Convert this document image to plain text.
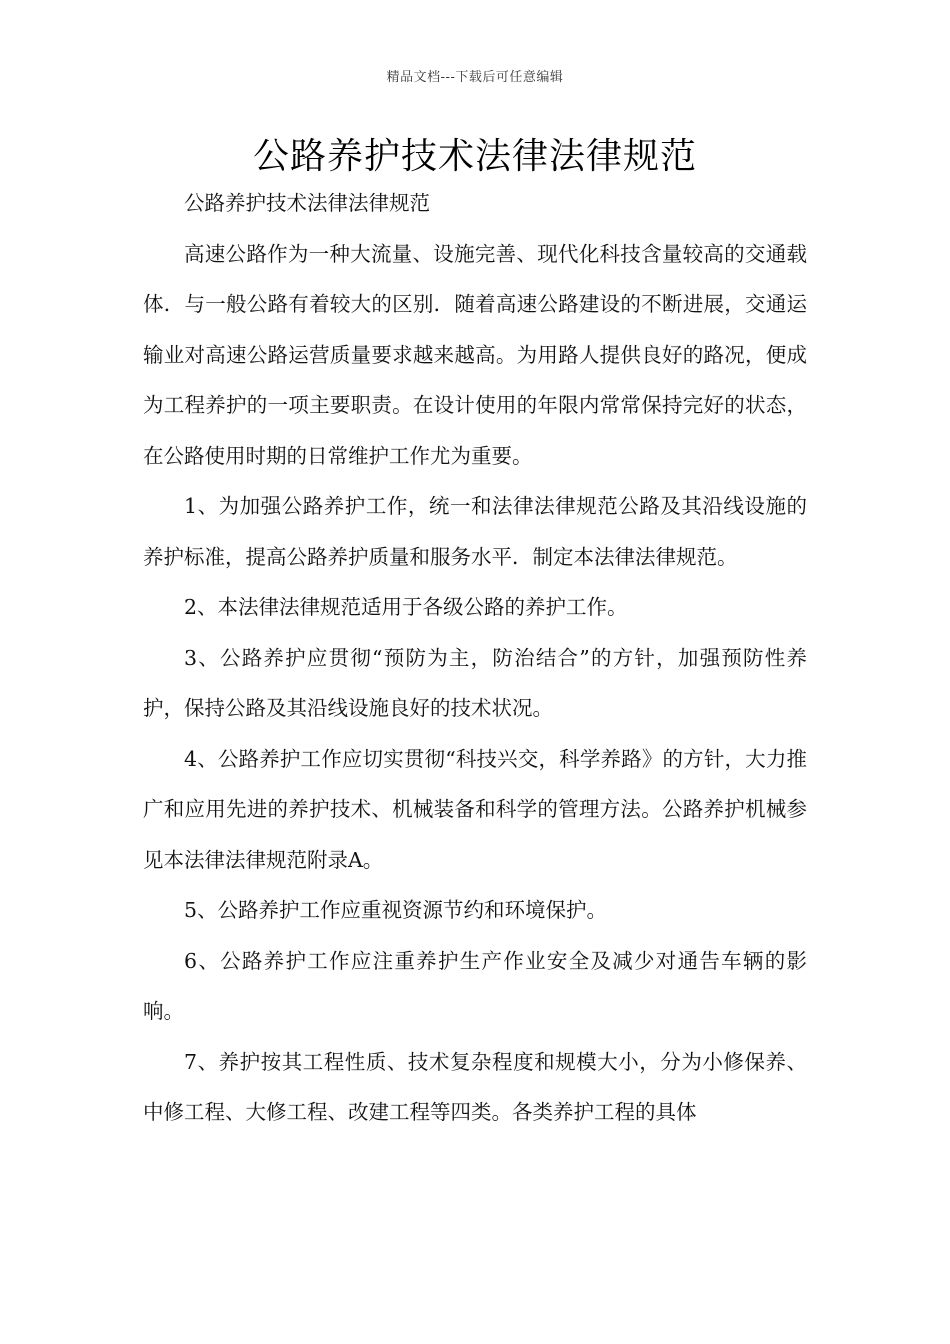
精品文档---下载后可任意编辑
公路养护技术法律法律规范

公路养护技术法律法律规范

高速公路作为一种大流量、设施完善、现代化科技含量较高的交通载体．与一般公路有着较大的区别．随着高速公路建设的不断进展，交通运输业对高速公路运营质量要求越来越高。为用路人提供良好的路况，便成为工程养护的一项主要职责。在设计使用的年限内常常保持完好的状态，在公路使用时期的日常维护工作尤为重要。

1、为加强公路养护工作，统一和法律法律规范公路及其沿线设施的养护标准，提高公路养护质量和服务水平．制定本法律法律规范。

2、本法律法律规范适用于各级公路的养护工作。

3、公路养护应贯彻“预防为主，防治结合”的方针，加强预防性养护，保持公路及其沿线设施良好的技术状况。

4、公路养护工作应切实贯彻“科技兴交，科学养路》的方针，大力推广和应用先进的养护技术、机械装备和科学的管理方法。公路养护机械参见本法律法律规范附录A。

5、公路养护工作应重视资源节约和环境保护。

6、公路养护工作应注重养护生产作业安全及减少对通告车辆的影响。

7、养护按其工程性质、技术复杂程度和规模大小，分为小修保养、中修工程、大修工程、改建工程等四类。各类养护工程的具体
